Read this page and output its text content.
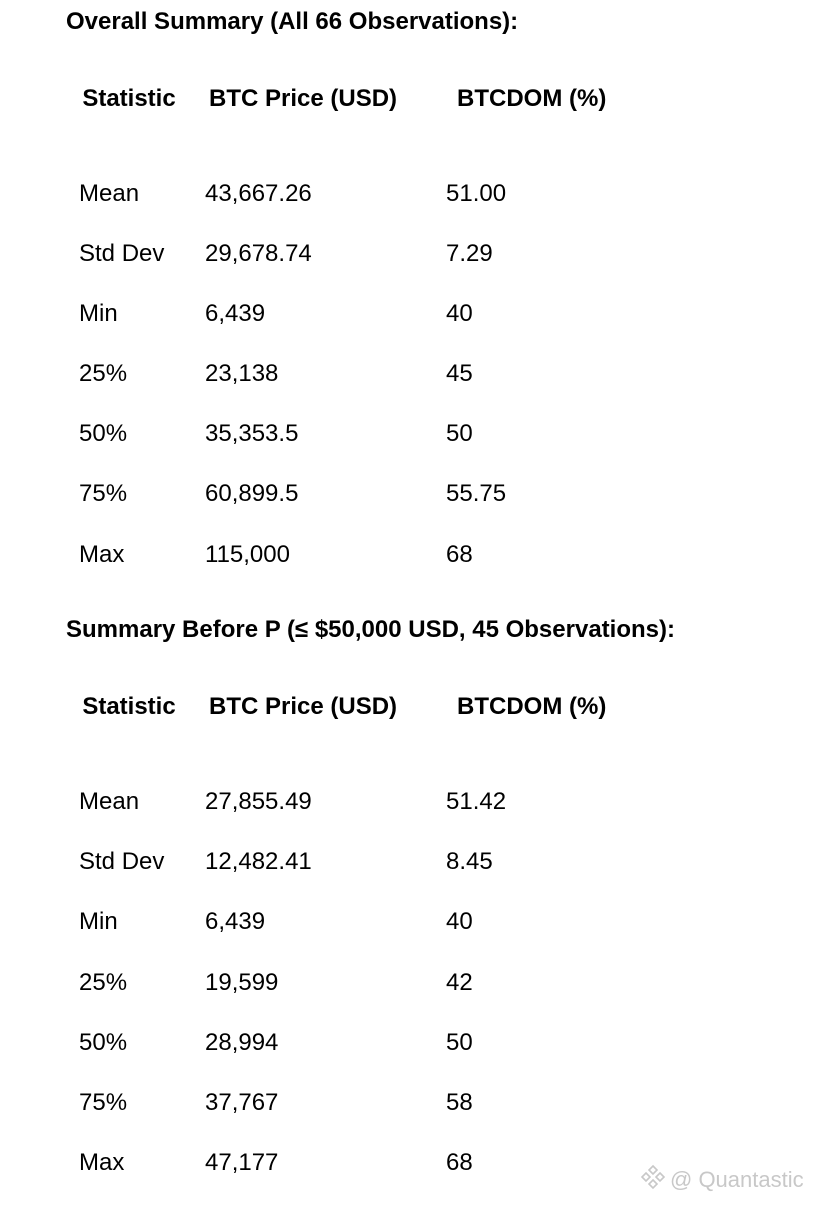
Overall Summary (All 66 Observations):
Statistic BTC Price (USD) BTCDOM (%)
Mean	43,667.26	51.00
Std Dev 29,678.74	7.29
Min	6,439	40
25%	23,138	45
50%	35,353.5	50
75%	60,899.5	55.75
Max	115,000	68
Summary Before P (≤ $50,000 USD, 45 Observations):
Statistic BTC Price (USD) BTCDOM (%)
Mean	27,855.49	51.42
Std Dev 12,482.41	8.45
Min	6,439	40
25%	19,599	42
50%	28,994	50
75%	37,767	58
Max	47,177	68
@ Quantastic
